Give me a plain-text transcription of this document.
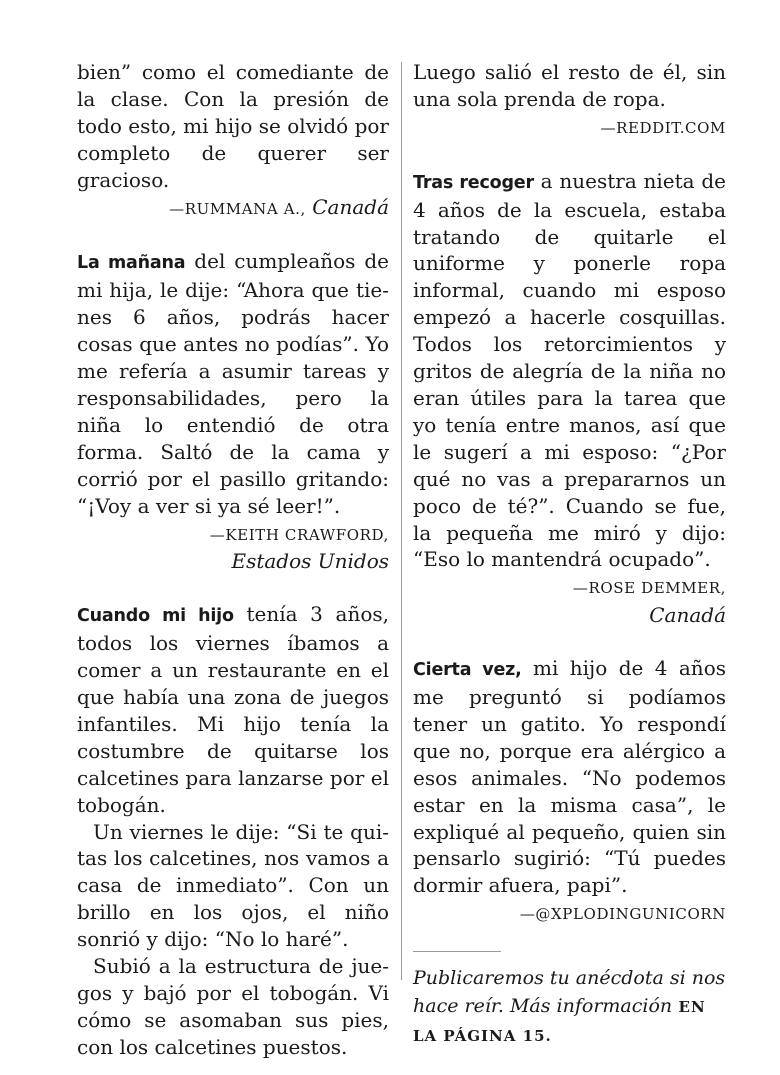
bien” como el comediante de la clase. Con la presión de todo esto, mi hijo se olvidó por completo de querer ser gracioso.

—RUMMANA A., Canadá

La mañana del cumpleaños de mi hija, le dije: “Ahora que tienes 6 años, podrás hacer cosas que antes no podías”. Yo me refería a asumir tareas y responsabilidades, pero la niña lo entendió de otra forma. Saltó de la cama y corrió por el pasillo gritando: “¡Voy a ver si ya sé leer!”.

—KEITH CRAWFORD,
Estados Unidos

Cuando mi hijo tenía 3 años, todos los viernes íbamos a comer a un restaurante en el que había una zona de juegos infantiles. Mi hijo tenía la costumbre de quitarse los calcetines para lanzarse por el tobogán.

Un viernes le dije: “Si te quitas los calcetines, nos vamos a casa de inmediato”. Con un brillo en los ojos, el niño sonrió y dijo: “No lo haré”.

Subió a la estructura de juegos y bajó por el tobogán. Vi cómo se asomaban sus pies, con los calcetines puestos.

Luego salió el resto de él, sin una sola prenda de ropa.

—REDDIT.COM

Tras recoger a nuestra nieta de 4 años de la escuela, estaba tratando de quitarle el uniforme y ponerle ropa informal, cuando mi esposo empezó a hacerle cosquillas. Todos los retorcimientos y gritos de alegría de la niña no eran útiles para la tarea que yo tenía entre manos, así que le sugerí a mi esposo: “¿Por qué no vas a prepararnos un poco de té?”. Cuando se fue, la pequeña me miró y dijo: “Eso lo mantendrá ocupado”.

—ROSE DEMMER,
Canadá

Cierta vez, mi hijo de 4 años me preguntó si podíamos tener un gatito. Yo respondí que no, porque era alérgico a esos animales. “No podemos estar en la misma casa”, le expliqué al pequeño, quien sin pensarlo sugirió: “Tú puedes dormir afuera, papi”.

—@XPLODINGUNICORN

Publicaremos tu anécdota si nos hace reír. Más información EN LA PÁGINA 15.
